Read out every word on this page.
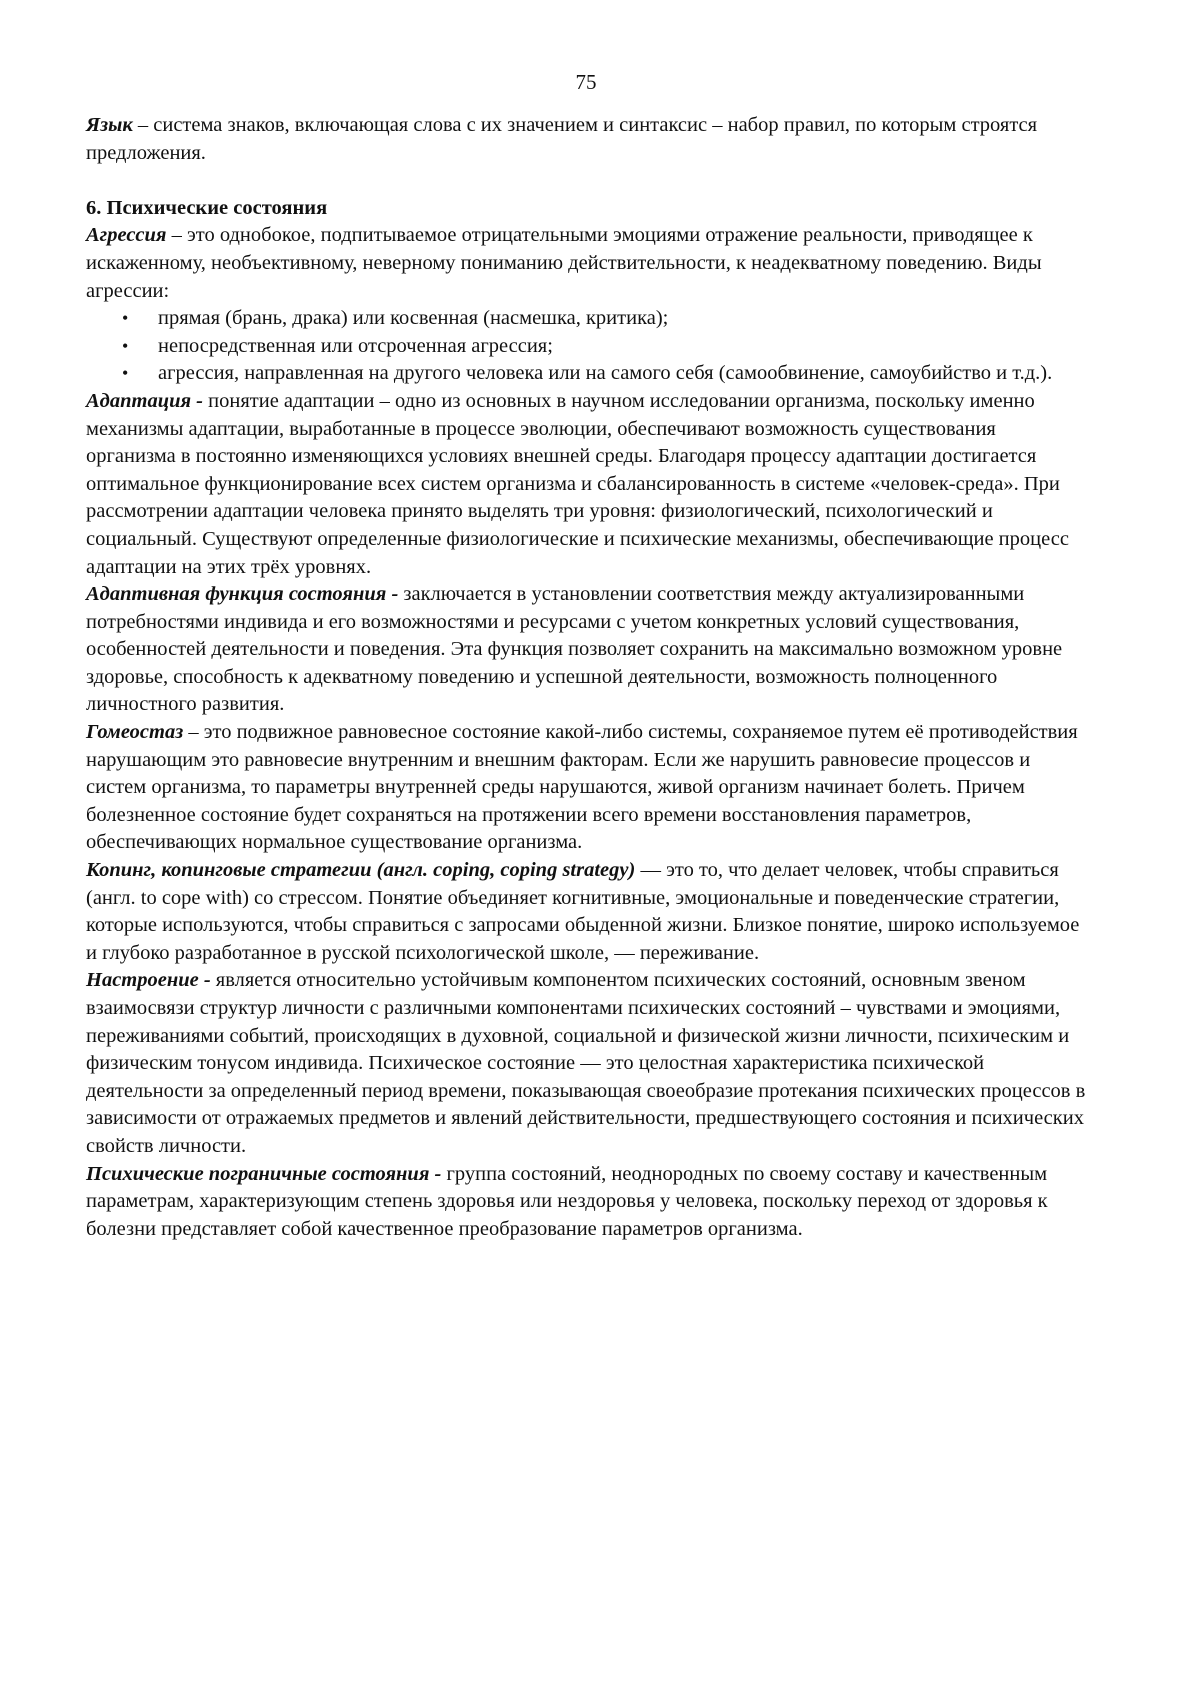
75

Язык – система знаков, включающая слова с их значением и синтаксис – набор правил, по которым строятся предложения.

6. Психические состояния

Агрессия – это однобокое, подпитываемое отрицательными эмоциями отражение реальности, приводящее к искаженному, необъективному, неверному пониманию действительности, к неадекватному поведению. Виды агрессии:

• прямая (брань, драка) или косвенная (насмешка, критика);
• непосредственная или отсроченная агрессия;
• агрессия, направленная на другого человека или на самого себя (самообвинение, самоубийство и т.д.).

Адаптация - понятие адаптации – одно из основных в научном исследовании организма, поскольку именно механизмы адаптации, выработанные в процессе эволюции, обеспечивают возможность существования организма в постоянно изменяющихся условиях внешней среды. Благодаря процессу адаптации достигается оптимальное функционирование всех систем организма и сбалансированность в системе «человек-среда». При рассмотрении адаптации человека принято выделять три уровня: физиологический, психологический и социальный. Существуют определенные физиологические и психические механизмы, обеспечивающие процесс адаптации на этих трёх уровнях.

Адаптивная функция состояния - заключается в установлении соответствия между актуализированными потребностями индивида и его возможностями и ресурсами с учетом конкретных условий существования, особенностей деятельности и поведения. Эта функция позволяет сохранить на максимально возможном уровне здоровье, способность к адекватному поведению и успешной деятельности, возможность полноценного личностного развития.

Гомеостаз – это подвижное равновесное состояние какой-либо системы, сохраняемое путем её противодействия нарушающим это равновесие внутренним и внешним факторам. Если же нарушить равновесие процессов и систем организма, то параметры внутренней среды нарушаются, живой организм начинает болеть. Причем болезненное состояние будет сохраняться на протяжении всего времени восстановления параметров, обеспечивающих нормальное существование организма.

Копинг, копинговые стратегии (англ. coping, coping strategy) — это то, что делает человек, чтобы справиться (англ. to cope with) со стрессом. Понятие объединяет когнитивные, эмоциональные и поведенческие стратегии, которые используются, чтобы справиться с запросами обыденной жизни. Близкое понятие, широко используемое и глубоко разработанное в русской психологической школе, — переживание.

Настроение - является относительно устойчивым компонентом психических состояний, основным звеном взаимосвязи структур личности с различными компонентами психических состояний – чувствами и эмоциями, переживаниями событий, происходящих в духовной, социальной и физической жизни личности, психическим и физическим тонусом индивида. Психическое состояние — это целостная характеристика психической деятельности за определенный период времени, показывающая своеобразие протекания психических процессов в зависимости от отражаемых предметов и явлений действительности, предшествующего состояния и психических свойств личности.

Психические пограничные состояния - группа состояний, неоднородных по своему составу и качественным параметрам, характеризующим степень здоровья или нездоровья у человека, поскольку переход от здоровья к болезни представляет собой качественное преобразование параметров организма.
